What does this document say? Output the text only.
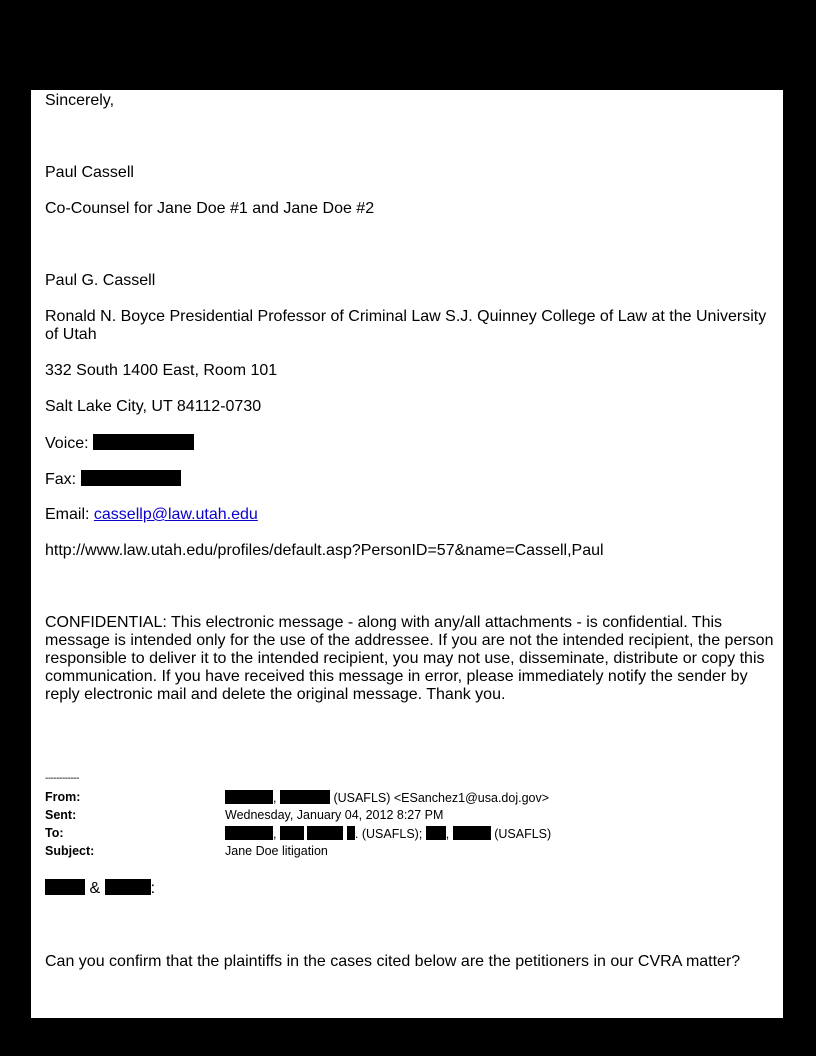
Sincerely,
Paul Cassell
Co-Counsel for Jane Doe #1 and Jane Doe #2
Paul G. Cassell
Ronald N. Boyce Presidential Professor of Criminal Law S.J. Quinney College of Law at the University of Utah
332 South 1400 East, Room 101
Salt Lake City, UT 84112-0730
Voice:
Fax:
Email: cassellp@law.utah.edu
http://www.law.utah.edu/profiles/default.asp?PersonID=57&name=Cassell,Paul
CONFIDENTIAL: This electronic message - along with any/all attachments - is confidential. This message is intended only for the use of the addressee. If you are not the intended recipient, the person responsible to deliver it to the intended recipient, you may not use, disseminate, distribute or copy this communication. If you have received this message in error, please immediately notify the sender by reply electronic mail and delete the original message. Thank you.
------------
From:	,	(USAFLS) <ESanchez1@usa.doj.gov>
Sent:	Wednesday, January 04, 2012 8:27 PM
To:	,	. (USAFLS); ,	(USAFLS)
Subject:	Jane Doe litigation
&	:
Can you confirm that the plaintiffs in the cases cited below are the petitioners in our CVRA matter?
